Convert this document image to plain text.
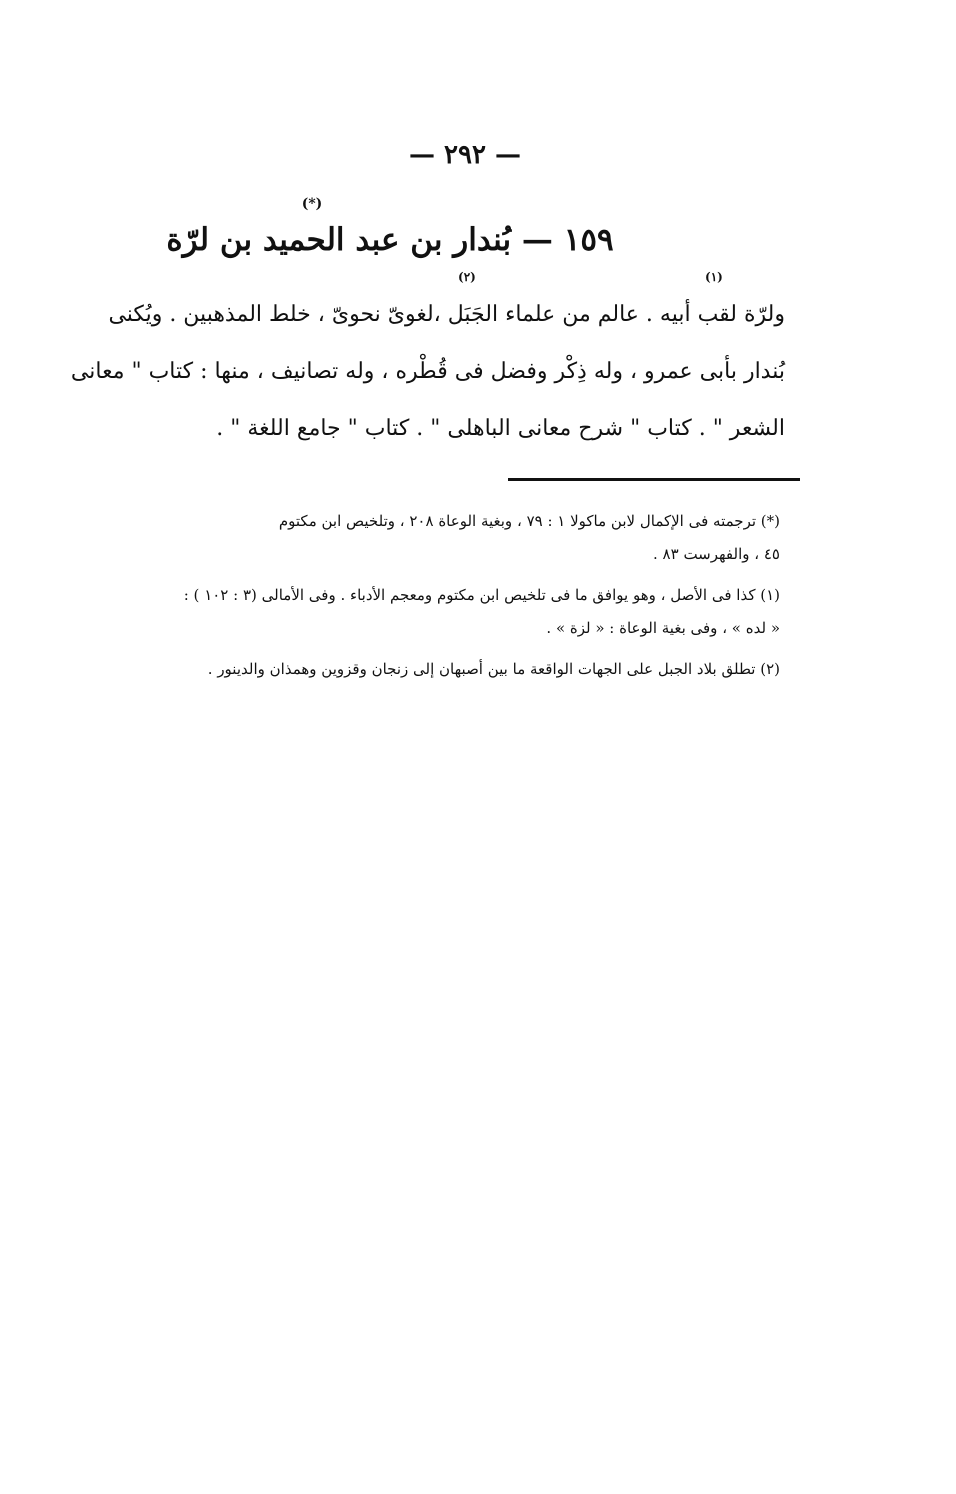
— ٢٩٢ —
(*)
١٥٩ — بُندار بن عبد الحميد بن لرّة
(١)
(٢)
ولرّة لقب أبيه . عالم من علماء الجَبَل ،لغوىّ نحوىّ ، خلط المذهبين . ويُكنى
بُندار بأبى عمرو ، وله ذِكْر وفضل فى قُطْره ، وله تصانيف ، منها : كتاب " معانى
الشعر " . كتاب " شرح معانى الباهلى " . كتاب " جامع اللغة " .
(*) ترجمته فى الإكمال لابن ماكولا ١ : ٧٩ ، وبغية الوعاة ٢٠٨ ، وتلخيص ابن مكتوم
٤٥ ، والفهرست ٨٣ .
(١) كذا فى الأصل ، وهو يوافق ما فى تلخيص ابن مكتوم ومعجم الأدباء . وفى الأمالى (٣ : ١٠٢ ) :
« لده » ، وفى بغية الوعاة : « لزة » .
(٢) تطلق بلاد الجبل على الجهات الواقعة ما بين أصبهان إلى زنجان وقزوين وهمذان والدينور .
